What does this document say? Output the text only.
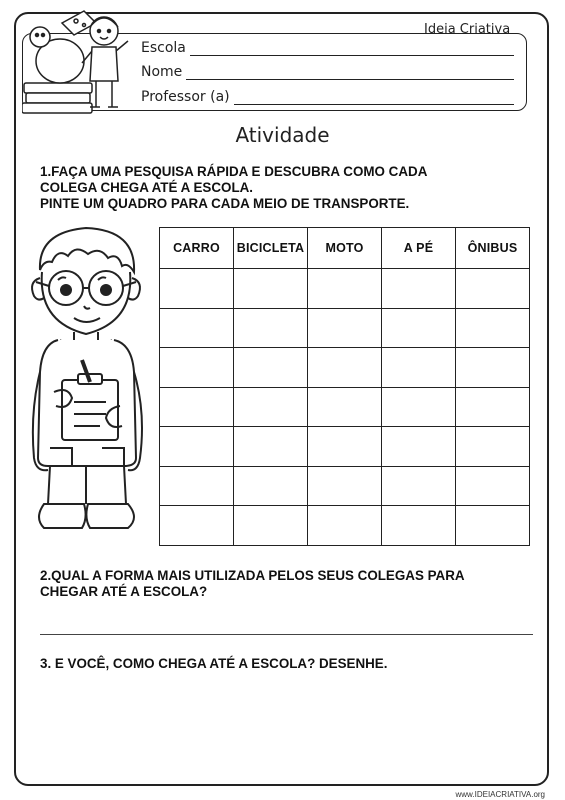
Ideia Criativa
Escola
Nome
Professor (a)
Atividade
1.FAÇA UMA PESQUISA RÁPIDA E DESCUBRA COMO CADA
COLEGA CHEGA ATÉ A ESCOLA.
PINTE UM QUADRO PARA CADA MEIO DE TRANSPORTE.
CARRO	BICICLETA	MOTO	A PÉ	ÔNIBUS

2.QUAL A FORMA MAIS UTILIZADA PELOS SEUS COLEGAS PARA
CHEGAR ATÉ A ESCOLA?
3. E VOCÊ, COMO CHEGA ATÉ A ESCOLA? DESENHE.
www.IDEIACRIATIVA.org
